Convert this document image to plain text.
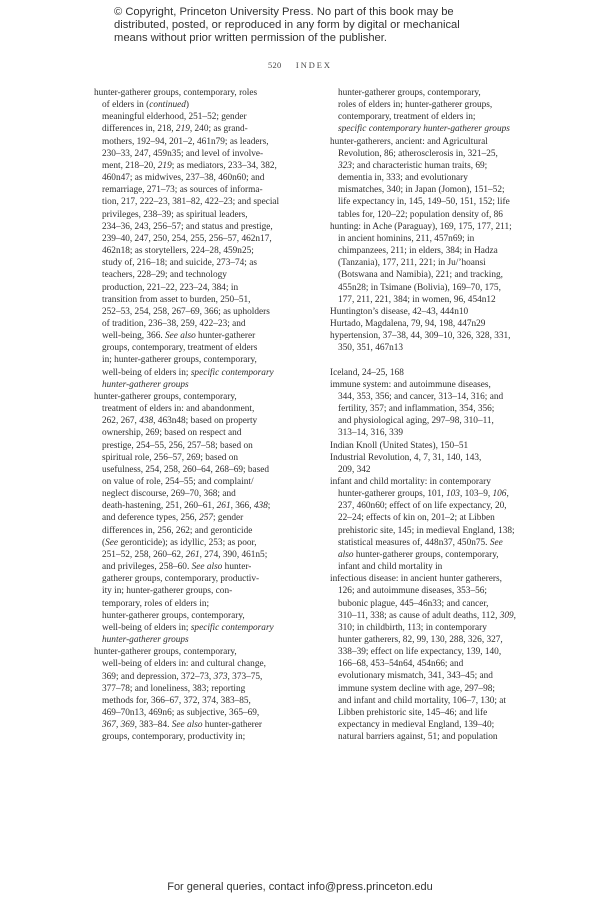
© Copyright, Princeton University Press. No part of this book may be
distributed, posted, or reproduced in any form by digital or mechanical
means without prior written permission of the publisher.
520 INDEX
hunter-gatherer groups, contemporary, roles
of elders in (continued)
meaningful elderhood, 251–52; gender
differences in, 218, 219, 240; as grand-
mothers, 192–94, 201–2, 461n79; as leaders,
230–33, 247, 459n35; and level of involve-
ment, 218–20, 219; as mediators, 233–34, 382,
460n47; as midwives, 237–38, 460n60; and
remarriage, 271–73; as sources of informa-
tion, 217, 222–23, 381–82, 422–23; and special
privileges, 238–39; as spiritual leaders,
234–36, 243, 256–57; and status and prestige,
239–40, 247, 250, 254, 255, 256–57, 462n17,
462n18; as storytellers, 224–28, 459n25;
study of, 216–18; and suicide, 273–74; as
teachers, 228–29; and technology
production, 221–22, 223–24, 384; in
transition from asset to burden, 250–51,
252–53, 254, 258, 267–69, 366; as upholders
of tradition, 236–38, 259, 422–23; and
well-being, 366. See also hunter-gatherer
groups, contemporary, treatment of elders
in; hunter-gatherer groups, contemporary,
well-being of elders in; specific contemporary
hunter-gatherer groups
hunter-gatherer groups, contemporary,
treatment of elders in: and abandonment,
262, 267, 438, 463n48; based on property
ownership, 269; based on respect and
prestige, 254–55, 256, 257–58; based on
spiritual role, 256–57, 269; based on
usefulness, 254, 258, 260–64, 268–69; based
on value of role, 254–55; and complaint/
neglect discourse, 269–70, 368; and
death-hastening, 251, 260–61, 261, 366, 438;
and deference types, 256, 257; gender
differences in, 256, 262; and geronticide
(See geronticide); as idyllic, 253; as poor,
251–52, 258, 260–62, 261, 274, 390, 461n5;
and privileges, 258–60. See also hunter-
gatherer groups, contemporary, productiv-
ity in; hunter-gatherer groups, con-
temporary, roles of elders in;
hunter-gatherer groups, contemporary,
well-being of elders in; specific contemporary
hunter-gatherer groups
hunter-gatherer groups, contemporary,
well-being of elders in: and cultural change,
369; and depression, 372–73, 373, 373–75,
377–78; and loneliness, 383; reporting
methods for, 366–67, 372, 374, 383–85,
469–70n13, 469n6; as subjective, 365–69,
367, 369, 383–84. See also hunter-gatherer
groups, contemporary, productivity in;
hunter-gatherer groups, contemporary,
roles of elders in; hunter-gatherer groups,
contemporary, treatment of elders in;
specific contemporary hunter-gatherer groups
hunter-gatherers, ancient: and Agricultural
Revolution, 86; atherosclerosis in, 321–25,
323; and characteristic human traits, 69;
dementia in, 333; and evolutionary
mismatches, 340; in Japan (Jomon), 151–52;
life expectancy in, 145, 149–50, 151, 152; life
tables for, 120–22; population density of, 86
hunting: in Ache (Paraguay), 169, 175, 177, 211;
in ancient hominins, 211, 457n69; in
chimpanzees, 211; in elders, 384; in Hadza
(Tanzania), 177, 211, 221; in Ju/’hoansi
(Botswana and Namibia), 221; and tracking,
455n28; in Tsimane (Bolivia), 169–70, 175,
177, 211, 221, 384; in women, 96, 454n12
Huntington’s disease, 42–43, 444n10
Hurtado, Magdalena, 79, 94, 198, 447n29
hypertension, 37–38, 44, 309–10, 326, 328, 331,
350, 351, 467n13
Iceland, 24–25, 168
immune system: and autoimmune diseases,
344, 353, 356; and cancer, 313–14, 316; and
fertility, 357; and inflammation, 354, 356;
and physiological aging, 297–98, 310–11,
313–14, 316, 339
Indian Knoll (United States), 150–51
Industrial Revolution, 4, 7, 31, 140, 143,
209, 342
infant and child mortality: in contemporary
hunter-gatherer groups, 101, 103, 103–9, 106,
237, 460n60; effect of on life expectancy, 20,
22–24; effects of kin on, 201–2; at Libben
prehistoric site, 145; in medieval England, 138;
statistical measures of, 448n37, 450n75. See
also hunter-gatherer groups, contemporary,
infant and child mortality in
infectious disease: in ancient hunter gatherers,
126; and autoimmune diseases, 353–56;
bubonic plague, 445–46n33; and cancer,
310–11, 338; as cause of adult deaths, 112, 309,
310; in childbirth, 113; in contemporary
hunter gatherers, 82, 99, 130, 288, 326, 327,
338–39; effect on life expectancy, 139, 140,
166–68, 453–54n64, 454n66; and
evolutionary mismatch, 341, 343–45; and
immune system decline with age, 297–98;
and infant and child mortality, 106–7, 130; at
Libben prehistoric site, 145–46; and life
expectancy in medieval England, 139–40;
natural barriers against, 51; and population
For general queries, contact info@press.princeton.edu
